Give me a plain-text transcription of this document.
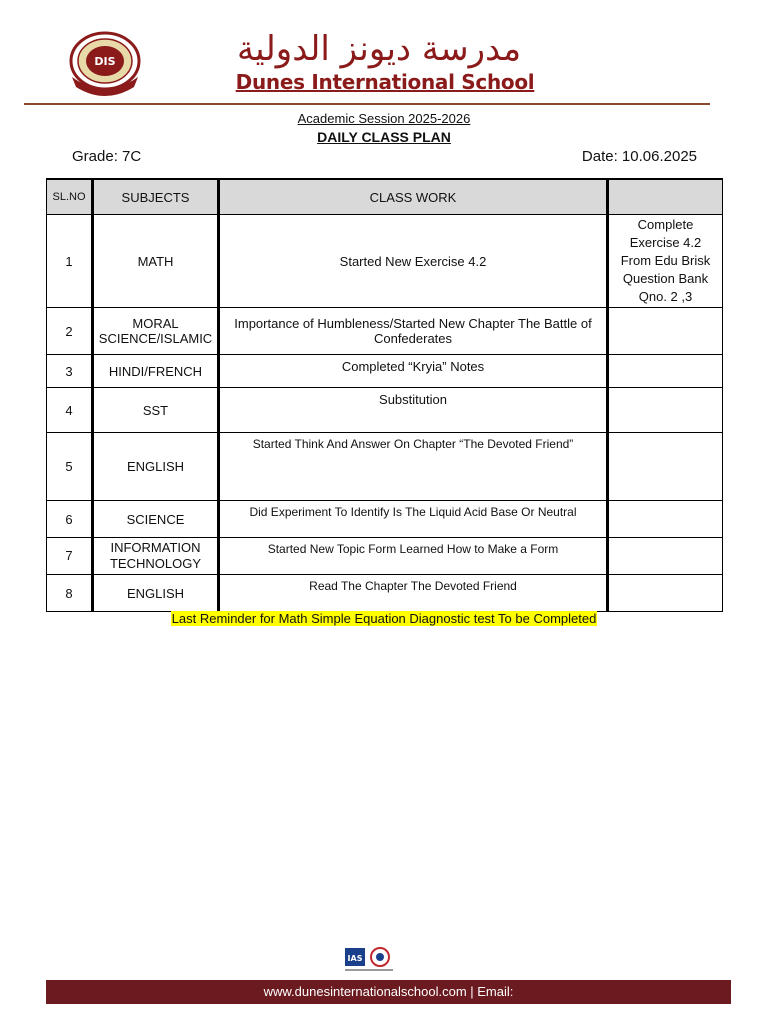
DIS	مدرسة ديونز الدولية
Dunes International School
Academic Session 2025-2026
DAILY CLASS PLAN
Grade: 7C	Date: 10.06.2025
SL.NO	SUBJECTS	CLASS WORK	
1	MATH	Started New Exercise 4.2	Complete Exercise 4.2 From Edu Brisk Question Bank Qno. 2 ,3
2	MORAL SCIENCE/ISLAMIC	Importance of Humbleness/Started New Chapter The Battle of Confederates	
3	HINDI/FRENCH	Completed “Kryia” Notes	
4	SST	Substitution	
5	ENGLISH	Started Think And Answer On Chapter “The Devoted Friend”	
6	SCIENCE	Did Experiment To Identify Is The Liquid Acid Base Or Neutral	
7	INFORMATION TECHNOLOGY	Started New Topic Form Learned How to Make a Form	
8	ENGLISH	Read The Chapter The Devoted Friend	
Last Reminder for Math Simple Equation Diagnostic test To be Completed
IAS
www.dunesinternationalschool.com | Email:
